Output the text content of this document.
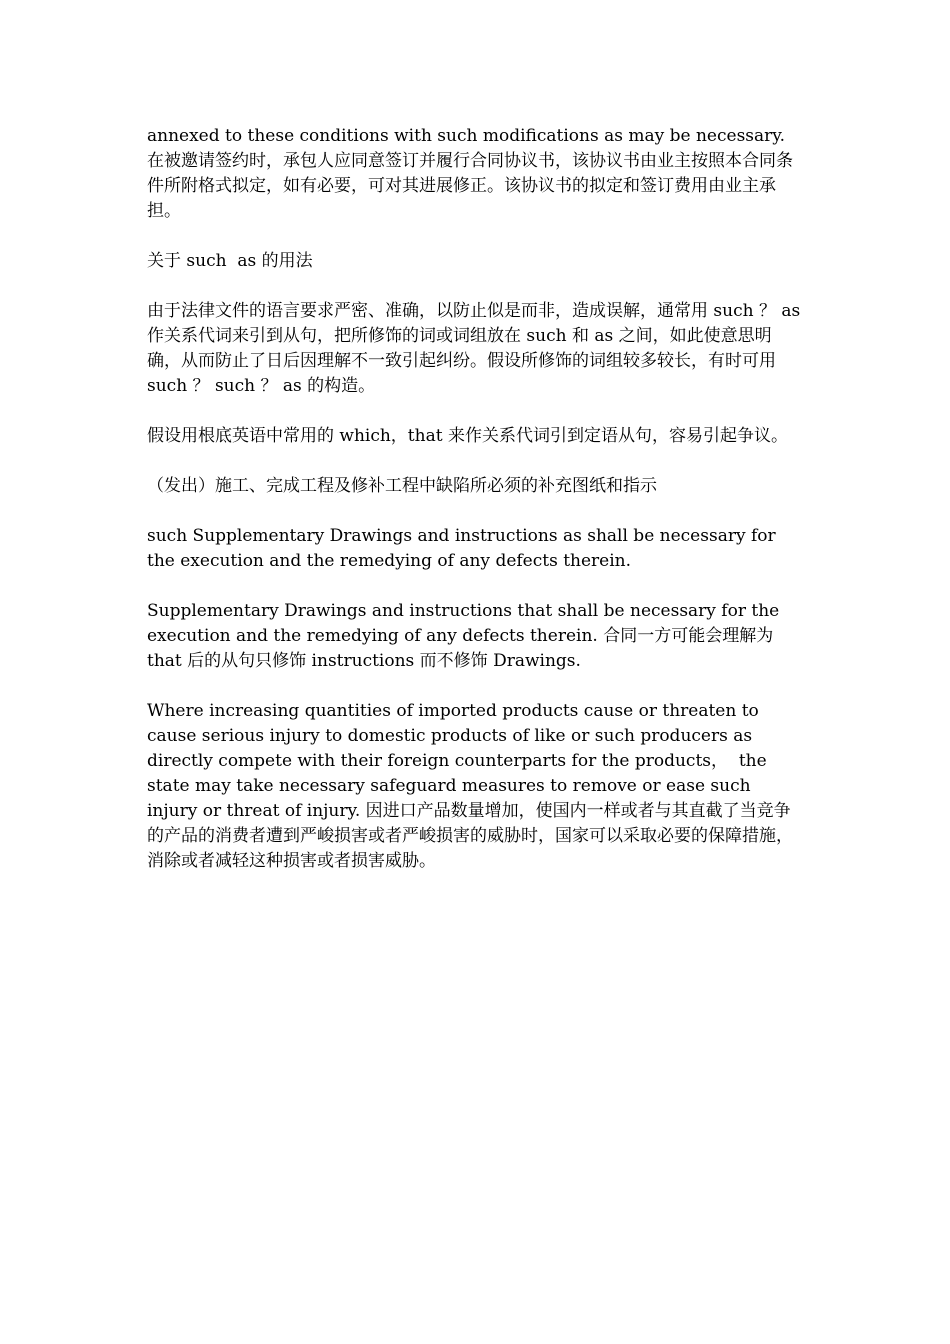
annexed to these conditions with such modifications as may be necessary. 在被邀请签约时，承包人应同意签订并履行合同协议书，该协议书由业主按照本合同条件所附格式拟定，如有必要，可对其进展修正。该协议书的拟定和签订费用由业主承担。

关于 such  as 的用法

由于法律文件的语言要求严密、准确，以防止似是而非，造成误解，通常用 such ？ as 作关系代词来引到从句，把所修饰的词或词组放在 such 和 as 之间，如此使意思明确，从而防止了日后因理解不一致引起纠纷。假设所修饰的词组较多较长，有时可用 such ？ such ？ as 的构造。

假设用根底英语中常用的 which，that 来作关系代词引到定语从句，容易引起争议。

（发出）施工、完成工程及修补工程中缺陷所必须的补充图纸和指示

such Supplementary Drawings and instructions as shall be necessary for the execution and the remedying of any defects therein.

Supplementary Drawings and instructions that shall be necessary for the execution and the remedying of any defects therein. 合同一方可能会理解为 that 后的从句只修饰 instructions 而不修饰 Drawings.

Where increasing quantities of imported products cause or threaten to cause serious injury to domestic products of like or such producers as directly compete with their foreign counterparts for the products，  the state may take necessary safeguard measures to remove or ease such injury or threat of injury. 因进口产品数量增加，使国内一样或者与其直截了当竞争的产品的消费者遭到严峻损害或者严峻损害的威胁时，国家可以采取必要的保障措施，消除或者减轻这种损害或者损害威胁。
